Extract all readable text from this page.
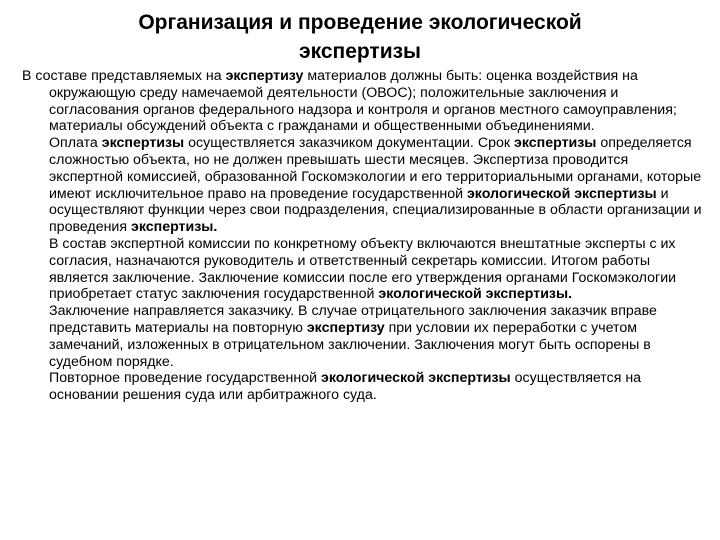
Организация и проведение экологической
экспертизы

В составе представляемых на экспертизу материалов должны быть: оценка воздействия на окружающую среду намечаемой деятельности (ОВОС); положительные заключения и согласования органов федерального надзора и контроля и органов местного самоуправления; материалы обсуждений объекта с гражданами и общественными объединениями.

Оплата экспертизы осуществляется заказчиком документации. Срок экспертизы определяется сложностью объекта, но не должен превышать шести месяцев. Экспертиза проводится экспертной комиссией, образованной Госкомэкологии и его территориальными органами, которые имеют исключительное право на проведение государственной экологической экспертизы и осуществляют функции через свои подразделения, специализированные в области организации и проведения экспертизы.

В состав экспертной комиссии по конкретному объекту включаются внештатные эксперты с их согласия, назначаются руководитель и ответственный секретарь комиссии. Итогом работы является заключение. Заключение комиссии после его утверждения органами Госкомэкологии приобретает статус заключения государственной экологической экспертизы.

Заключение направляется заказчику. В случае отрицательного заключения заказчик вправе представить материалы на повторную экспертизу при условии их переработки с учетом замечаний, изложенных в отрицательном заключении. Заключения могут быть оспорены в судебном порядке.

Повторное проведение государственной экологической экспертизы осуществляется на основании решения суда или арбитражного суда.
